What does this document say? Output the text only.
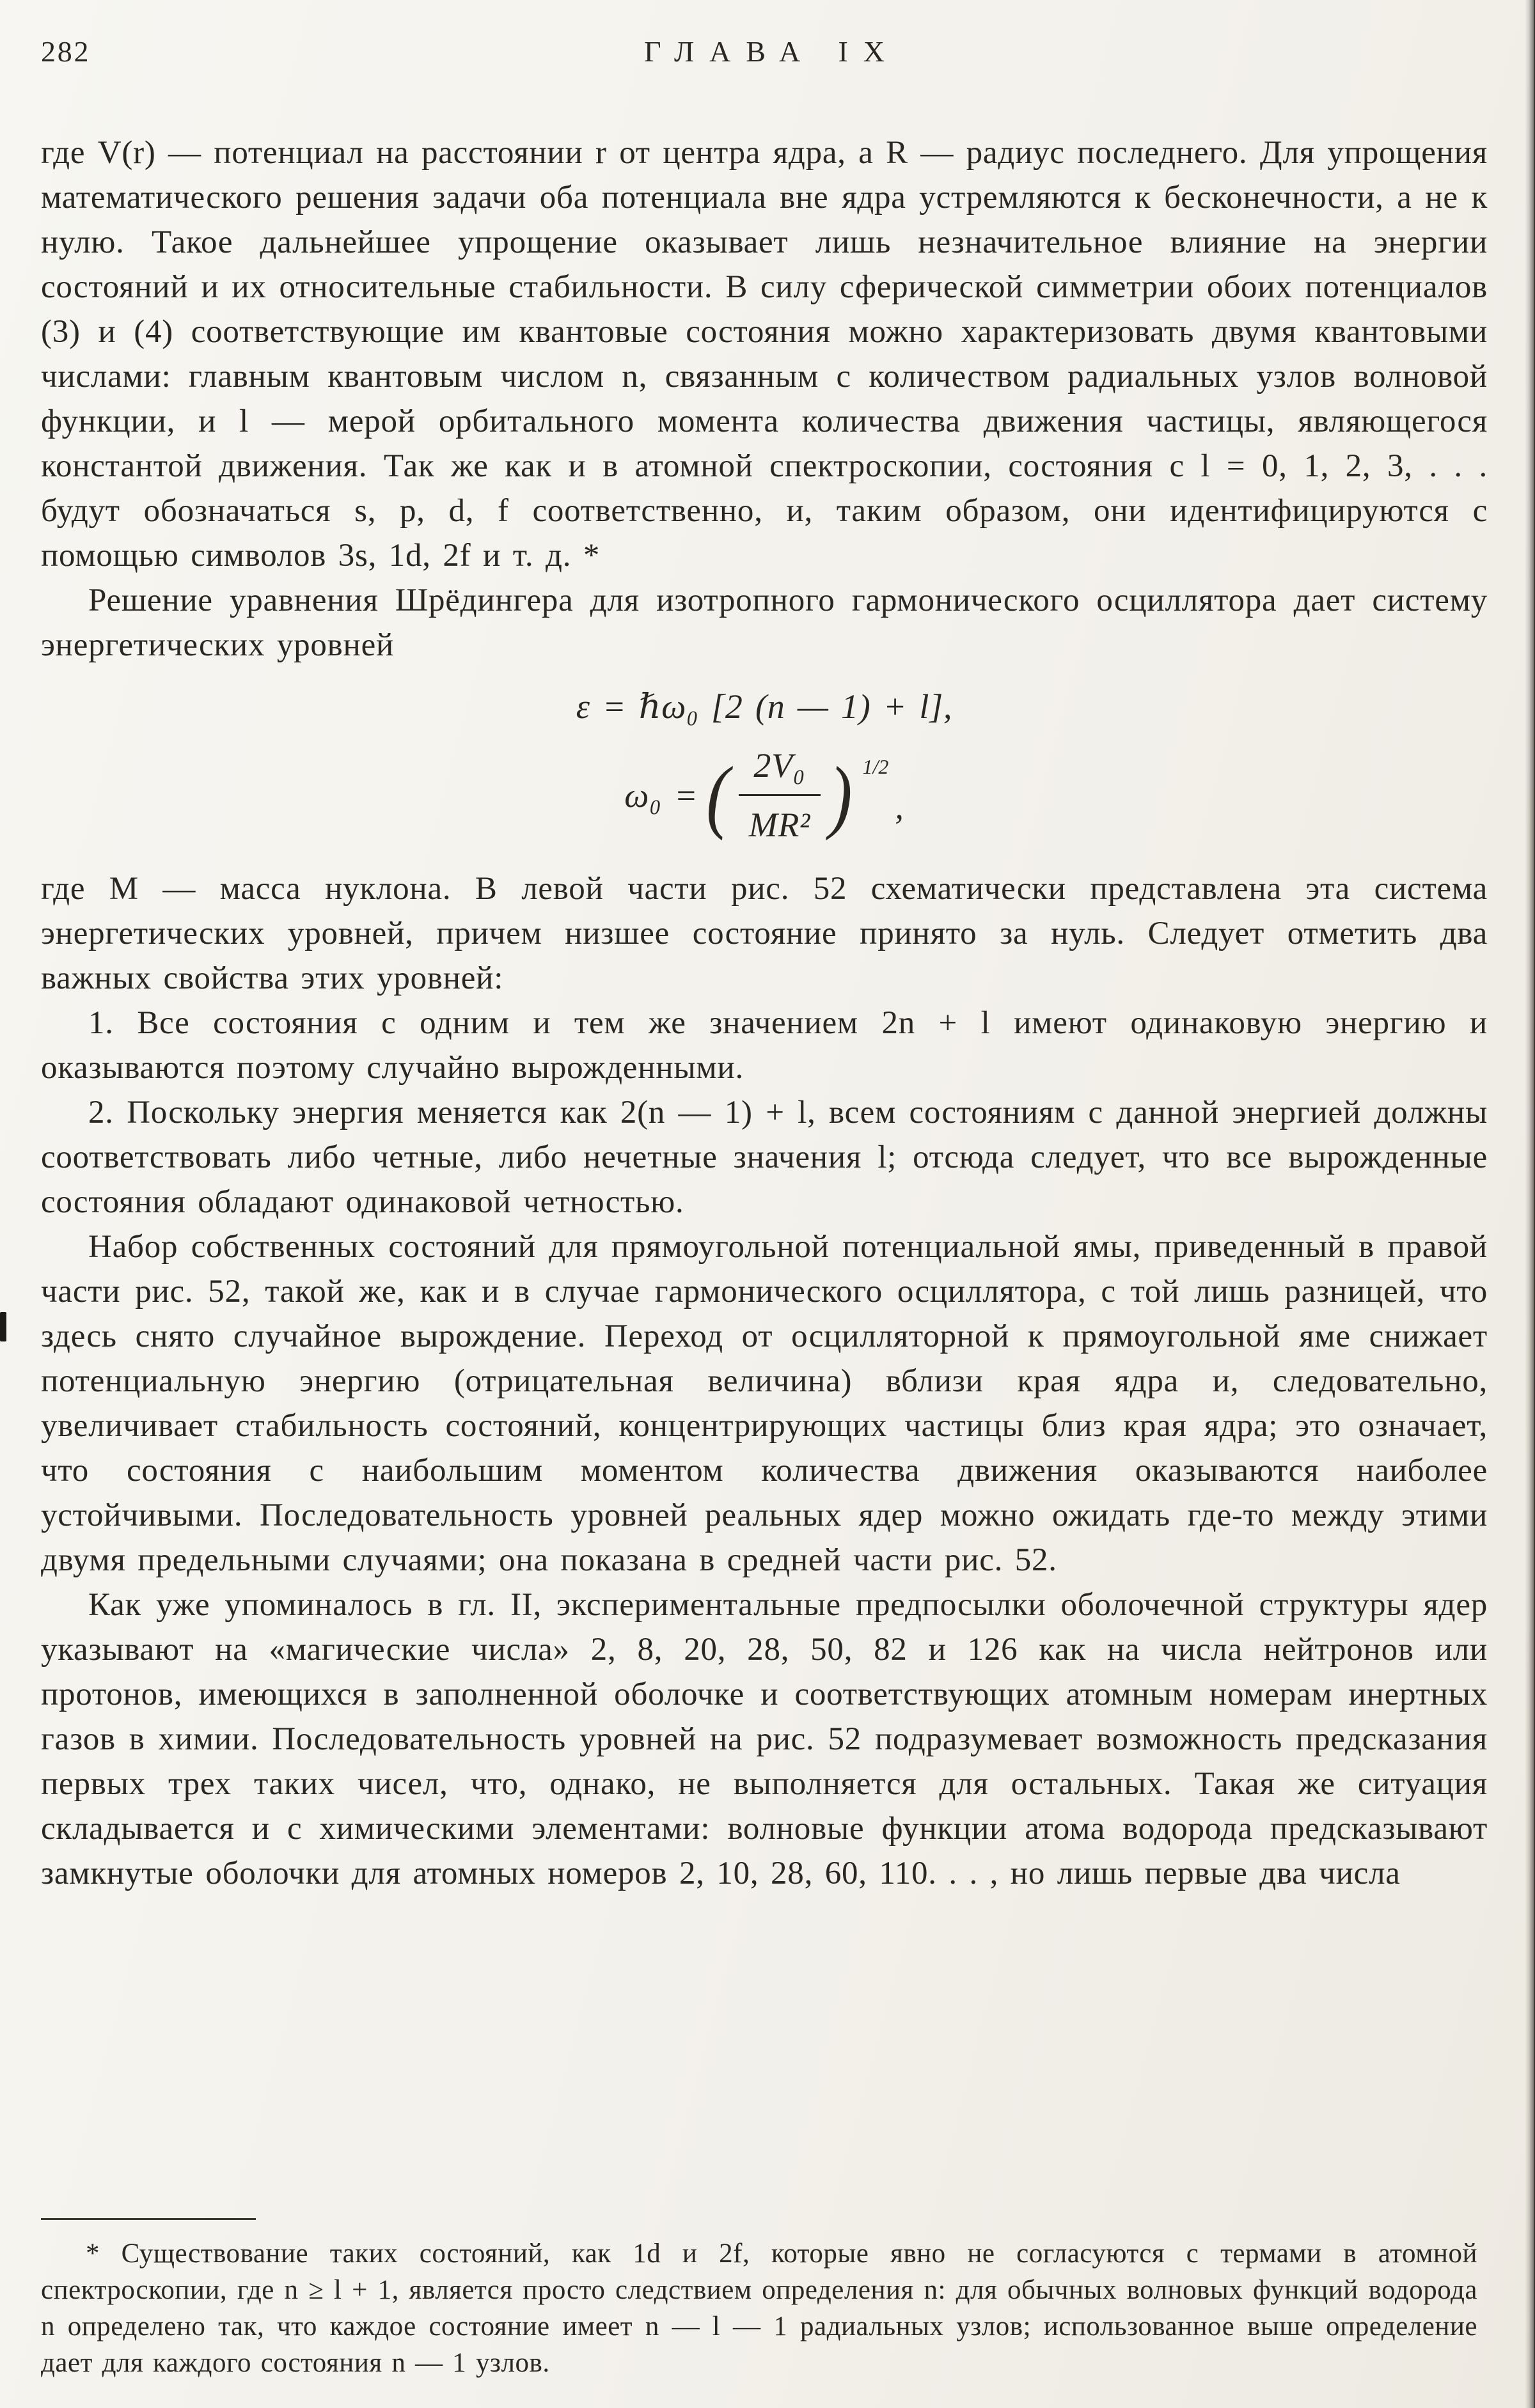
282	ГЛАВА IX

где V(r) — потенциал на расстоянии r от центра ядра, а R — радиус последнего. Для упрощения математического решения задачи оба потенциала вне ядра устремляются к бесконечности, а не к нулю. Такое дальнейшее упрощение оказывает лишь незначительное влияние на энергии состояний и их относительные стабильности. В силу сферической симметрии обоих потенциалов (3) и (4) соответствующие им квантовые состояния можно характеризовать двумя квантовыми числами: главным квантовым числом n, связанным с количеством радиальных узлов волновой функции, и l — мерой орбитального момента количества движения частицы, являющегося константой движения. Так же как и в атомной спектроскопии, состояния с l = 0, 1, 2, 3, . . . будут обозначаться s, p, d, f соответственно, и, таким образом, они идентифицируются с помощью символов 3s, 1d, 2f и т. д. *

Решение уравнения Шрёдингера для изотропного гармонического осциллятора дает систему энергетических уровней

ε = ℏω₀ [2 (n — 1) + l],
ω₀ = ( $\frac{\text{2V₀}}{\text{MR²}}$ ) 1/2
,

где M — масса нуклона. В левой части рис. 52 схематически представлена эта система энергетических уровней, причем низшее состояние принято за нуль. Следует отметить два важных свойства этих уровней:

1. Все состояния с одним и тем же значением 2n + l имеют одинаковую энергию и оказываются поэтому случайно вырожденными.

2. Поскольку энергия меняется как 2(n — 1) + l, всем состояниям с данной энергией должны соответствовать либо четные, либо нечетные значения l; отсюда следует, что все вырожденные состояния обладают одинаковой четностью.

Набор собственных состояний для прямоугольной потенциальной ямы, приведенный в правой части рис. 52, такой же, как и в случае гармонического осциллятора, с той лишь разницей, что здесь снято случайное вырождение. Переход от осцилляторной к прямоугольной яме снижает потенциальную энергию (отрицательная величина) вблизи края ядра и, следовательно, увеличивает стабильность состояний, концентрирующих частицы близ края ядра; это означает, что состояния с наибольшим моментом количества движения оказываются наиболее устойчивыми. Последовательность уровней реальных ядер можно ожидать где-то между этими двумя предельными случаями; она показана в средней части рис. 52.

Как уже упоминалось в гл. II, экспериментальные предпосылки оболочечной структуры ядер указывают на «магические числа» 2, 8, 20, 28, 50, 82 и 126 как на числа нейтронов или протонов, имеющихся в заполненной оболочке и соответствующих атомным номерам инертных газов в химии. Последовательность уровней на рис. 52 подразумевает возможность предсказания первых трех таких чисел, что, однако, не выполняется для остальных. Такая же ситуация складывается и с химическими элементами: волновые функции атома водорода предсказывают замкнутые оболочки для атомных номеров 2, 10, 28, 60, 110. . . , но лишь первые два числа

* Существование таких состояний, как 1d и 2f, которые явно не согласуются с термами в атомной спектроскопии, где n ≥ l + 1, является просто следствием определения n: для обычных волновых функций водорода n определено так, что каждое состояние имеет n — l — 1 радиальных узлов; использованное выше определение дает для каждого состояния n — 1 узлов.
